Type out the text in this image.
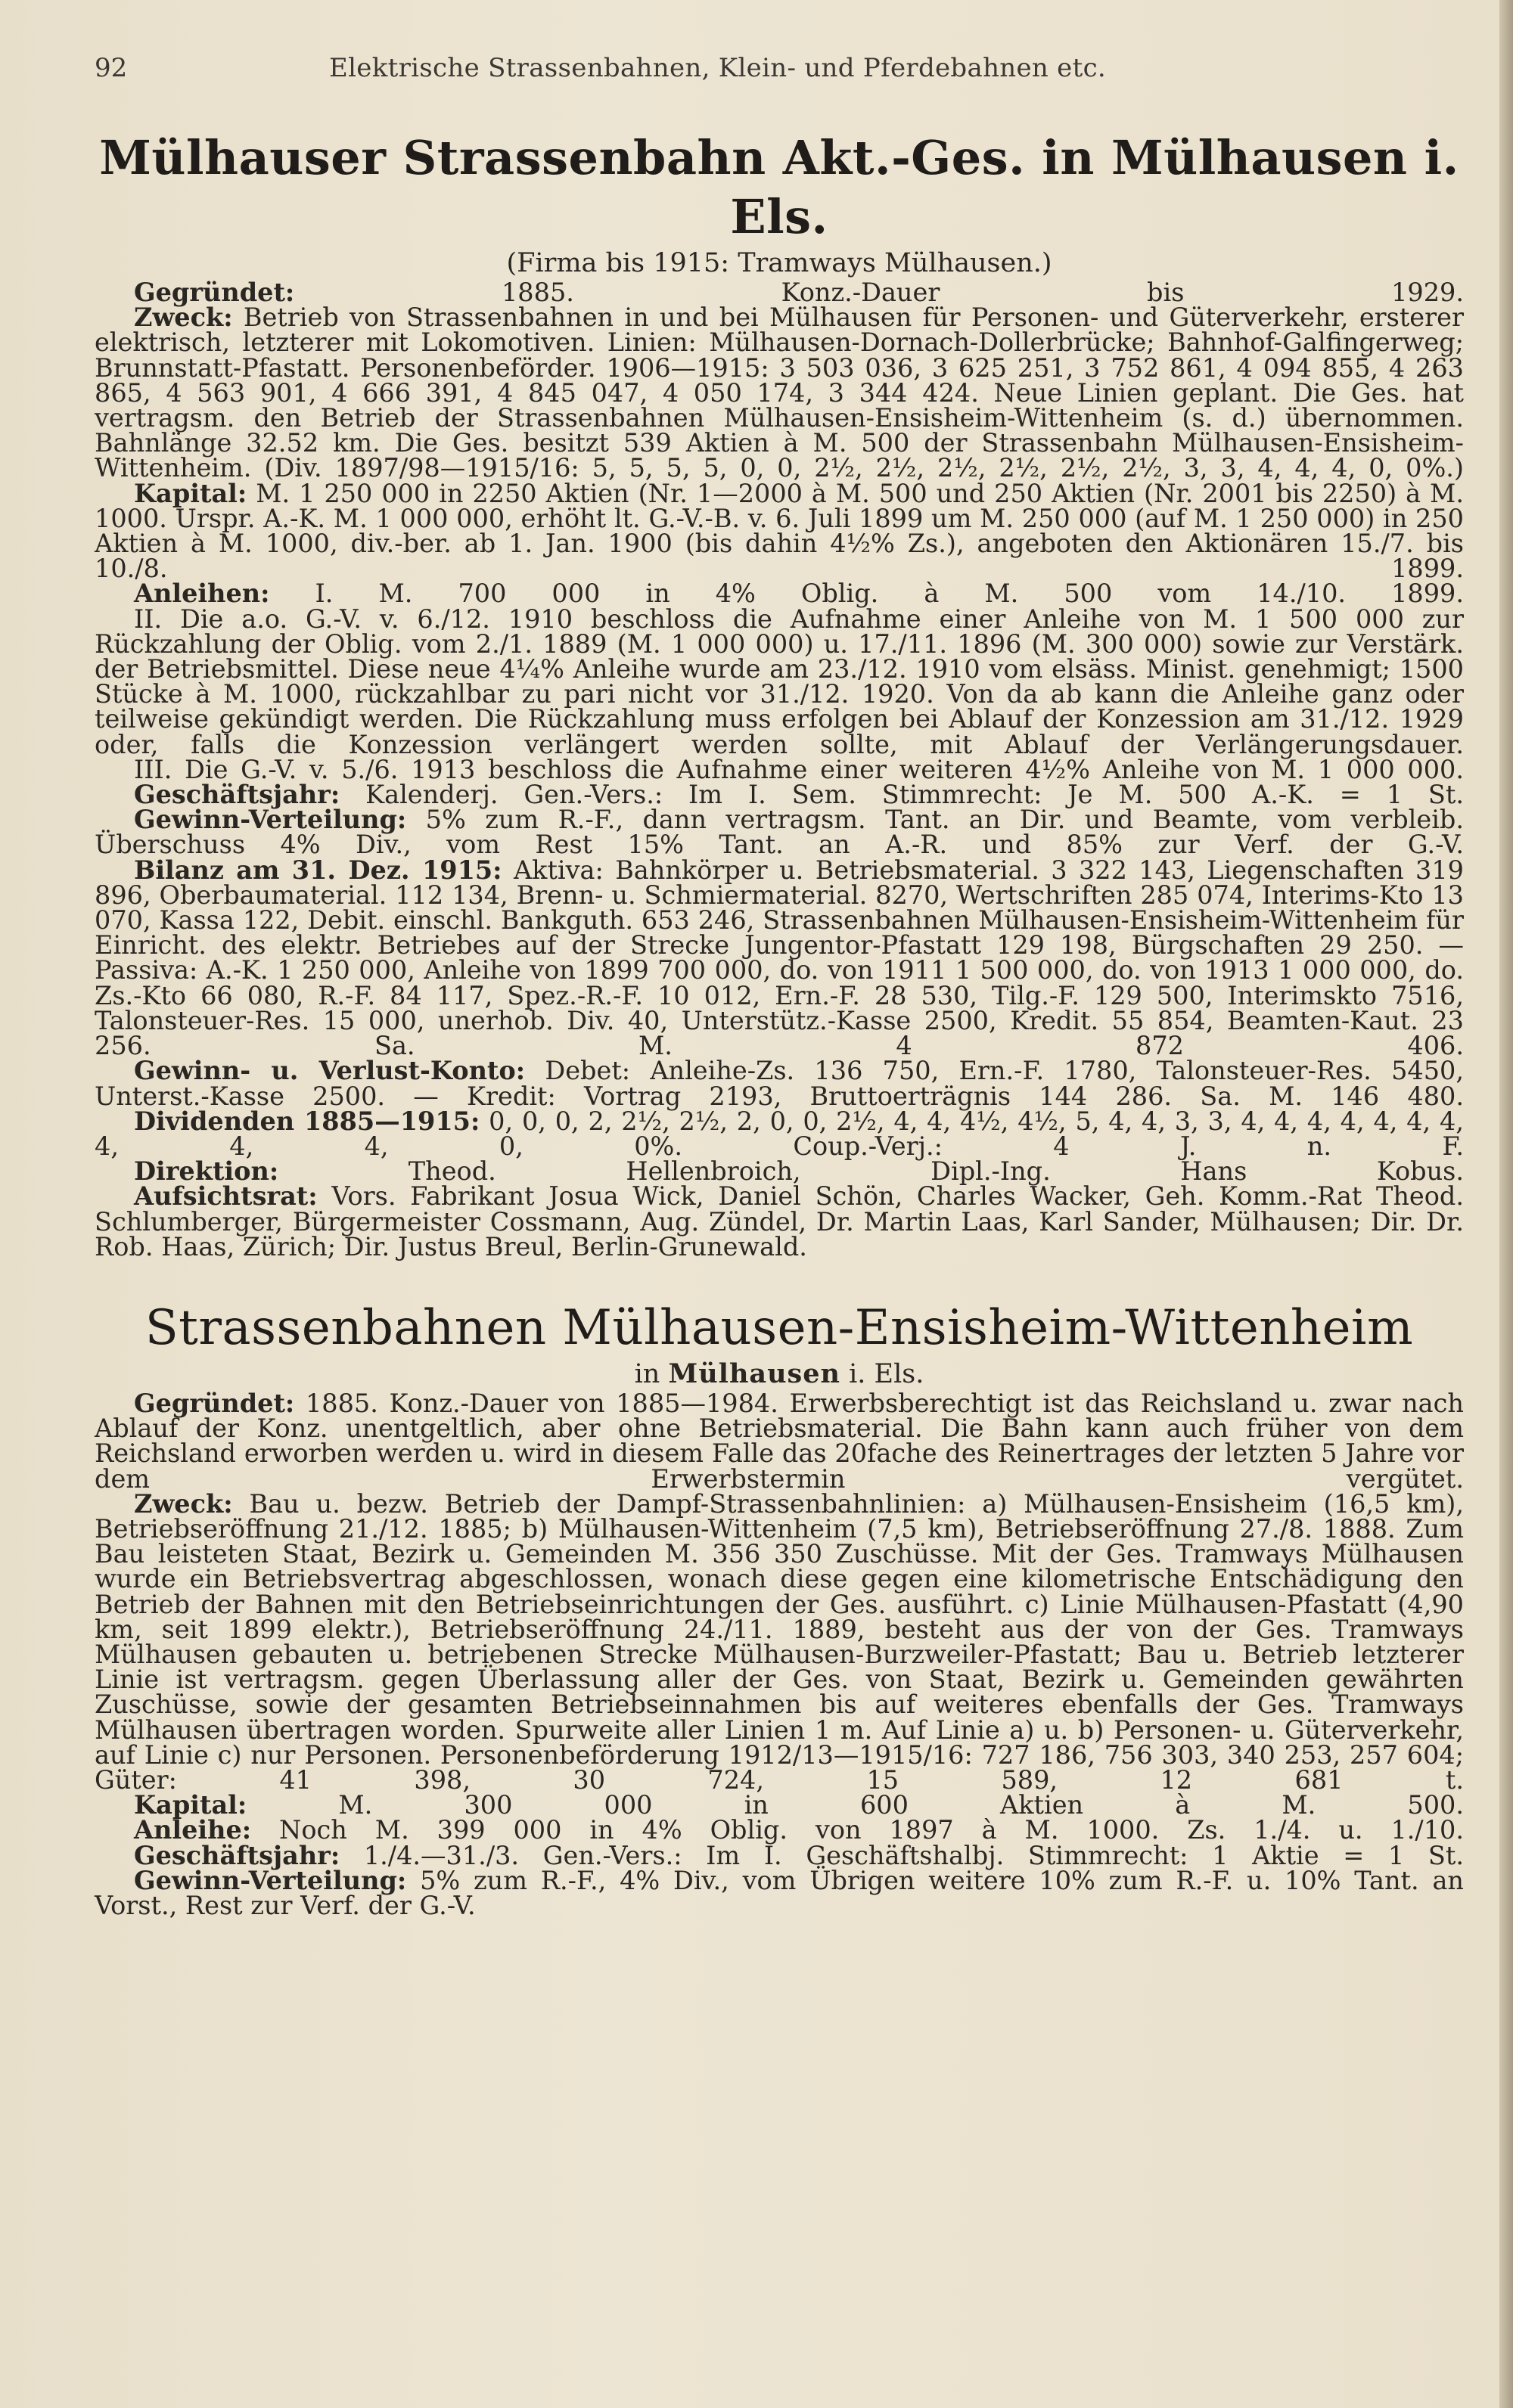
92	Elektrische Strassenbahnen, Klein- und Pferdebahnen etc.
Mülhauser Strassenbahn Akt.-Ges. in Mülhausen i. Els.
(Firma bis 1915: Tramways Mülhausen.)

Gegründet: 1885. Konz.-Dauer bis 1929.

Zweck: Betrieb von Strassenbahnen in und bei Mülhausen für Personen- und Güterverkehr, ersterer elektrisch, letzterer mit Lokomotiven. Linien: Mülhausen-Dornach-Dollerbrücke; Bahnhof-Galfingerweg; Brunnstatt-Pfastatt. Personenbeförder. 1906—1915: 3 503 036, 3 625 251, 3 752 861, 4 094 855, 4 263 865, 4 563 901, 4 666 391, 4 845 047, 4 050 174, 3 344 424. Neue Linien geplant. Die Ges. hat vertragsm. den Betrieb der Strassenbahnen Mülhausen-Ensisheim-Wittenheim (s. d.) übernommen. Bahnlänge 32.52 km. Die Ges. besitzt 539 Aktien à M. 500 der Strassenbahn Mülhausen-Ensisheim-Wittenheim. (Div. 1897/98—1915/16: 5, 5, 5, 5, 0, 0, 2½, 2½, 2½, 2½, 2½, 2½, 3, 3, 4, 4, 4, 0, 0%.)

Kapital: M. 1 250 000 in 2250 Aktien (Nr. 1—2000 à M. 500 und 250 Aktien (Nr. 2001 bis 2250) à M. 1000. Urspr. A.-K. M. 1 000 000, erhöht lt. G.-V.-B. v. 6. Juli 1899 um M. 250 000 (auf M. 1 250 000) in 250 Aktien à M. 1000, div.-ber. ab 1. Jan. 1900 (bis dahin 4½% Zs.), angeboten den Aktionären 15./7. bis 10./8. 1899.

Anleihen: I. M. 700 000 in 4% Oblig. à M. 500 vom 14./10. 1899.

II. Die a.o. G.-V. v. 6./12. 1910 beschloss die Aufnahme einer Anleihe von M. 1 500 000 zur Rückzahlung der Oblig. vom 2./1. 1889 (M. 1 000 000) u. 17./11. 1896 (M. 300 000) sowie zur Verstärk. der Betriebsmittel. Diese neue 4¼% Anleihe wurde am 23./12. 1910 vom elsäss. Minist. genehmigt; 1500 Stücke à M. 1000, rückzahlbar zu pari nicht vor 31./12. 1920. Von da ab kann die Anleihe ganz oder teilweise gekündigt werden. Die Rückzahlung muss erfolgen bei Ablauf der Konzession am 31./12. 1929 oder, falls die Konzession verlängert werden sollte, mit Ablauf der Verlängerungsdauer.

III. Die G.-V. v. 5./6. 1913 beschloss die Aufnahme einer weiteren 4½% Anleihe von M. 1 000 000.

Geschäftsjahr: Kalenderj. Gen.-Vers.: Im I. Sem. Stimmrecht: Je M. 500 A.-K. = 1 St.

Gewinn-Verteilung: 5% zum R.-F., dann vertragsm. Tant. an Dir. und Beamte, vom verbleib. Überschuss 4% Div., vom Rest 15% Tant. an A.-R. und 85% zur Verf. der G.-V.

Bilanz am 31. Dez. 1915: Aktiva: Bahnkörper u. Betriebsmaterial. 3 322 143, Liegenschaften 319 896, Oberbaumaterial. 112 134, Brenn- u. Schmiermaterial. 8270, Wertschriften 285 074, Interims-Kto 13 070, Kassa 122, Debit. einschl. Bankguth. 653 246, Strassenbahnen Mülhausen-Ensisheim-Wittenheim für Einricht. des elektr. Betriebes auf der Strecke Jungentor-Pfastatt 129 198, Bürgschaften 29 250. — Passiva: A.-K. 1 250 000, Anleihe von 1899 700 000, do. von 1911 1 500 000, do. von 1913 1 000 000, do. Zs.-Kto 66 080, R.-F. 84 117, Spez.-R.-F. 10 012, Ern.-F. 28 530, Tilg.-F. 129 500, Interimskto 7516, Talonsteuer-Res. 15 000, unerhob. Div. 40, Unterstütz.-Kasse 2500, Kredit. 55 854, Beamten-Kaut. 23 256. Sa. M. 4 872 406.

Gewinn- u. Verlust-Konto: Debet: Anleihe-Zs. 136 750, Ern.-F. 1780, Talonsteuer-Res. 5450, Unterst.-Kasse 2500. — Kredit: Vortrag 2193, Bruttoerträgnis 144 286. Sa. M. 146 480.

Dividenden 1885—1915: 0, 0, 0, 2, 2½, 2½, 2, 0, 0, 2½, 4, 4, 4½, 4½, 5, 4, 4, 3, 3, 4, 4, 4, 4, 4, 4, 4, 4, 4, 4, 0, 0%. Coup.-Verj.: 4 J. n. F.

Direktion: Theod. Hellenbroich, Dipl.-Ing. Hans Kobus.

Aufsichtsrat: Vors. Fabrikant Josua Wick, Daniel Schön, Charles Wacker, Geh. Komm.-Rat Theod. Schlumberger, Bürgermeister Cossmann, Aug. Zündel, Dr. Martin Laas, Karl Sander, Mülhausen; Dir. Dr. Rob. Haas, Zürich; Dir. Justus Breul, Berlin-Grunewald.

Strassenbahnen Mülhausen-Ensisheim-Wittenheim
in Mülhausen i. Els.

Gegründet: 1885. Konz.-Dauer von 1885—1984. Erwerbsberechtigt ist das Reichsland u. zwar nach Ablauf der Konz. unentgeltlich, aber ohne Betriebsmaterial. Die Bahn kann auch früher von dem Reichsland erworben werden u. wird in diesem Falle das 20fache des Reinertrages der letzten 5 Jahre vor dem Erwerbstermin vergütet.

Zweck: Bau u. bezw. Betrieb der Dampf-Strassenbahnlinien: a) Mülhausen-Ensisheim (16,5 km), Betriebseröffnung 21./12. 1885; b) Mülhausen-Wittenheim (7,5 km), Betriebseröffnung 27./8. 1888. Zum Bau leisteten Staat, Bezirk u. Gemeinden M. 356 350 Zuschüsse. Mit der Ges. Tramways Mülhausen wurde ein Betriebsvertrag abgeschlossen, wonach diese gegen eine kilometrische Entschädigung den Betrieb der Bahnen mit den Betriebseinrichtungen der Ges. ausführt. c) Linie Mülhausen-Pfastatt (4,90 km, seit 1899 elektr.), Betriebseröffnung 24./11. 1889, besteht aus der von der Ges. Tramways Mülhausen gebauten u. betriebenen Strecke Mülhausen-Burzweiler-Pfastatt; Bau u. Betrieb letzterer Linie ist vertragsm. gegen Überlassung aller der Ges. von Staat, Bezirk u. Gemeinden gewährten Zuschüsse, sowie der gesamten Betriebseinnahmen bis auf weiteres ebenfalls der Ges. Tramways Mülhausen übertragen worden. Spurweite aller Linien 1 m. Auf Linie a) u. b) Personen- u. Güterverkehr, auf Linie c) nur Personen. Personenbeförderung 1912/13—1915/16: 727 186, 756 303, 340 253, 257 604; Güter: 41 398, 30 724, 15 589, 12 681 t.

Kapital: M. 300 000 in 600 Aktien à M. 500.

Anleihe: Noch M. 399 000 in 4% Oblig. von 1897 à M. 1000. Zs. 1./4. u. 1./10.

Geschäftsjahr: 1./4.—31./3. Gen.-Vers.: Im I. Geschäftshalbj. Stimmrecht: 1 Aktie = 1 St.

Gewinn-Verteilung: 5% zum R.-F., 4% Div., vom Übrigen weitere 10% zum R.-F. u. 10% Tant. an Vorst., Rest zur Verf. der G.-V.
